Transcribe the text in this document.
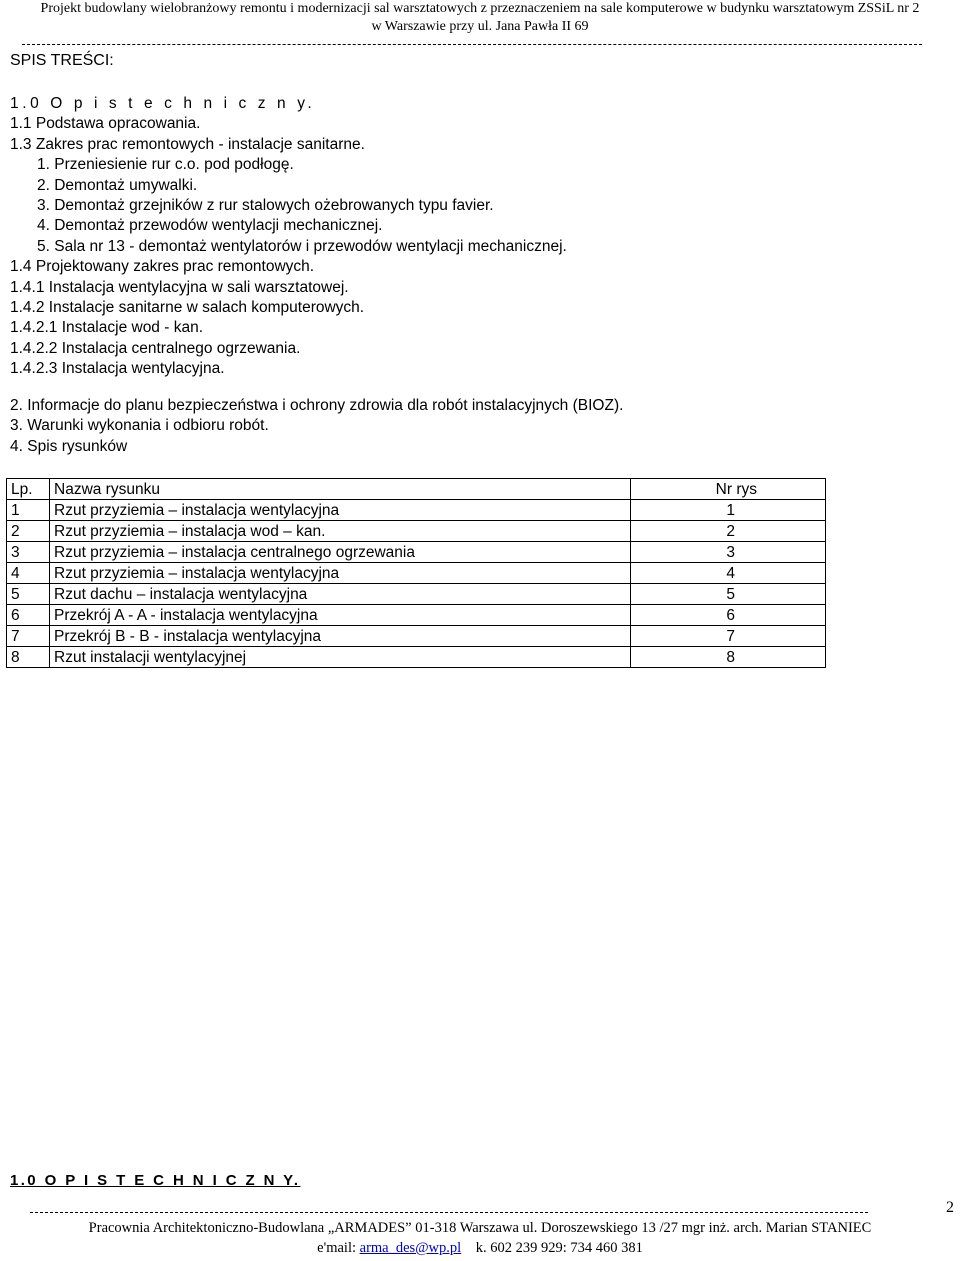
Projekt budowlany wielobranżowy remontu i modernizacji sal warsztatowych z przeznaczeniem na sale komputerowe w budynku warsztatowym ZSSiL nr 2
w Warszawie przy ul. Jana Pawła II 69
SPIS TREŚCI:
1.0 O p i s t e c h n i c z n y.
1.1 Podstawa opracowania.
1.3 Zakres prac remontowych - instalacje sanitarne.
1. Przeniesienie rur c.o. pod podłogę.
2. Demontaż umywalki.
3. Demontaż grzejników z rur stalowych ożebrowanych typu favier.
4. Demontaż przewodów wentylacji mechanicznej.
5. Sala nr 13 - demontaż wentylatorów i przewodów wentylacji mechanicznej.
1.4 Projektowany zakres prac remontowych.
1.4.1 Instalacja wentylacyjna w sali warsztatowej.
1.4.2 Instalacje sanitarne w salach komputerowych.
1.4.2.1 Instalacje wod - kan.
1.4.2.2 Instalacja centralnego ogrzewania.
1.4.2.3 Instalacja wentylacyjna.
2. Informacje do planu bezpieczeństwa i ochrony zdrowia dla robót instalacyjnych (BIOZ).
3. Warunki wykonania i odbioru robót.
4. Spis rysunków
Lp.	Nazwa rysunku	Nr rys
1	Rzut przyziemia – instalacja wentylacyjna	1
2	Rzut przyziemia – instalacja wod – kan.	2
3	Rzut przyziemia – instalacja centralnego ogrzewania	3
4	Rzut przyziemia – instalacja wentylacyjna	4
5	Rzut dachu – instalacja wentylacyjna	5
6	Przekrój A - A - instalacja wentylacyjna	6
7	Przekrój B - B - instalacja wentylacyjna	7
8	Rzut instalacji wentylacyjnej	8
1.0 O P I S T E C H N I C Z N Y.
2
Pracownia Architektoniczno-Budowlana „ARMADES” 01-318 Warszawa ul. Doroszewskiego 13 /27 mgr inż. arch. Marian STANIEC
e'mail: arma_des@wp.pl k. 602 239 929: 734 460 381
